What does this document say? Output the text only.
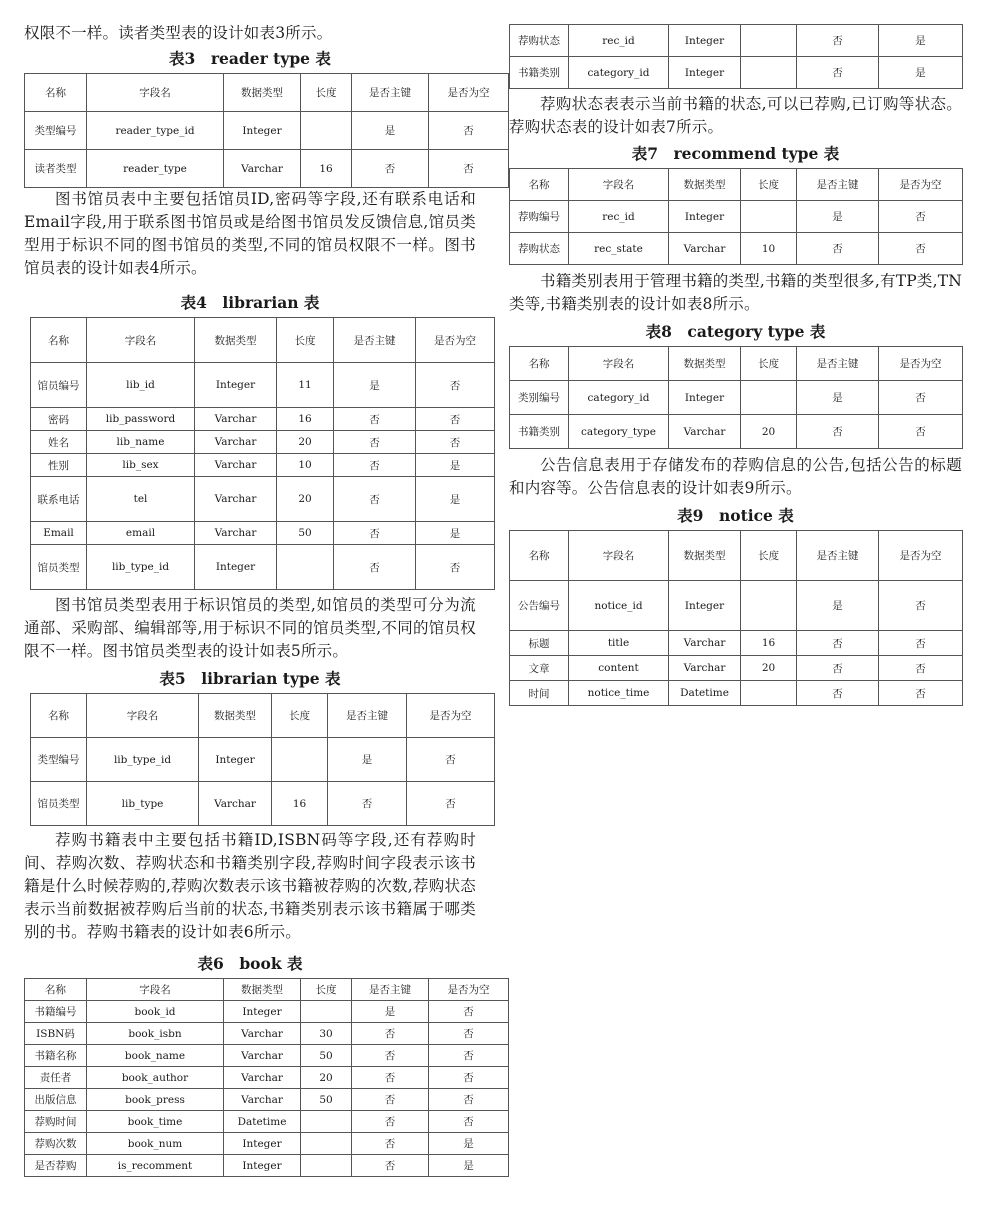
权限不一样。读者类型表的设计如表3所示。

表3　reader type 表
名称	字段名	数据类型	长度	是否主键	是否为空
类型编号	reader_type_id	Integer		是	否
读者类型	reader_type	Varchar	16	否	否

图书馆员表中主要包括馆员ID,密码等字段,还有联系电话和Email字段,用于联系图书馆员或是给图书馆员发反馈信息,馆员类型用于标识不同的图书馆员的类型,不同的馆员权限不一样。图书馆员表的设计如表4所示。

表4　librarian 表
名称	字段名	数据类型	长度	是否主键	是否为空
馆员编号	lib_id	Integer	11	是	否
密码	lib_password	Varchar	16	否	否
姓名	lib_name	Varchar	20	否	否
性别	lib_sex	Varchar	10	否	是
联系电话	tel	Varchar	20	否	是
Email	email	Varchar	50	否	是
馆员类型	lib_type_id	Integer		否	否

图书馆员类型表用于标识馆员的类型,如馆员的类型可分为流通部、采购部、编辑部等,用于标识不同的馆员类型,不同的馆员权限不一样。图书馆员类型表的设计如表5所示。

表5　librarian type 表
名称	字段名	数据类型	长度	是否主键	是否为空
类型编号	lib_type_id	Integer		是	否
馆员类型	lib_type	Varchar	16	否	否

荐购书籍表中主要包括书籍ID,ISBN码等字段,还有荐购时间、荐购次数、荐购状态和书籍类别字段,荐购时间字段表示该书籍是什么时候荐购的,荐购次数表示该书籍被荐购的次数,荐购状态表示当前数据被荐购后当前的状态,书籍类别表示该书籍属于哪类别的书。荐购书籍表的设计如表6所示。

表6　book 表
名称	字段名	数据类型	长度	是否主键	是否为空
书籍编号	book_id	Integer		是	否
ISBN码	book_isbn	Varchar	30	否	否
书籍名称	book_name	Varchar	50	否	否
责任者	book_author	Varchar	20	否	否
出版信息	book_press	Varchar	50	否	否
荐购时间	book_time	Datetime		否	否
荐购次数	book_num	Integer		否	是
是否荐购	is_recomment	Integer		否	是
荐购状态	rec_id	Integer		否	是
书籍类别	category_id	Integer		否	是

荐购状态表表示当前书籍的状态,可以已荐购,已订购等状态。荐购状态表的设计如表7所示。

表7　recommend type 表
名称	字段名	数据类型	长度	是否主键	是否为空
荐购编号	rec_id	Integer		是	否
荐购状态	rec_state	Varchar	10	否	否

书籍类别表用于管理书籍的类型,书籍的类型很多,有TP类,TN类等,书籍类别表的设计如表8所示。

表8　category type 表
名称	字段名	数据类型	长度	是否主键	是否为空
类别编号	category_id	Integer		是	否
书籍类别	category_type	Varchar	20	否	否

公告信息表用于存储发布的荐购信息的公告,包括公告的标题和内容等。公告信息表的设计如表9所示。

表9　notice 表
名称	字段名	数据类型	长度	是否主键	是否为空
公告编号	notice_id	Integer		是	否
标题	title	Varchar	16	否	否
文章	content	Varchar	20	否	否
时间	notice_time	Datetime		否	否
